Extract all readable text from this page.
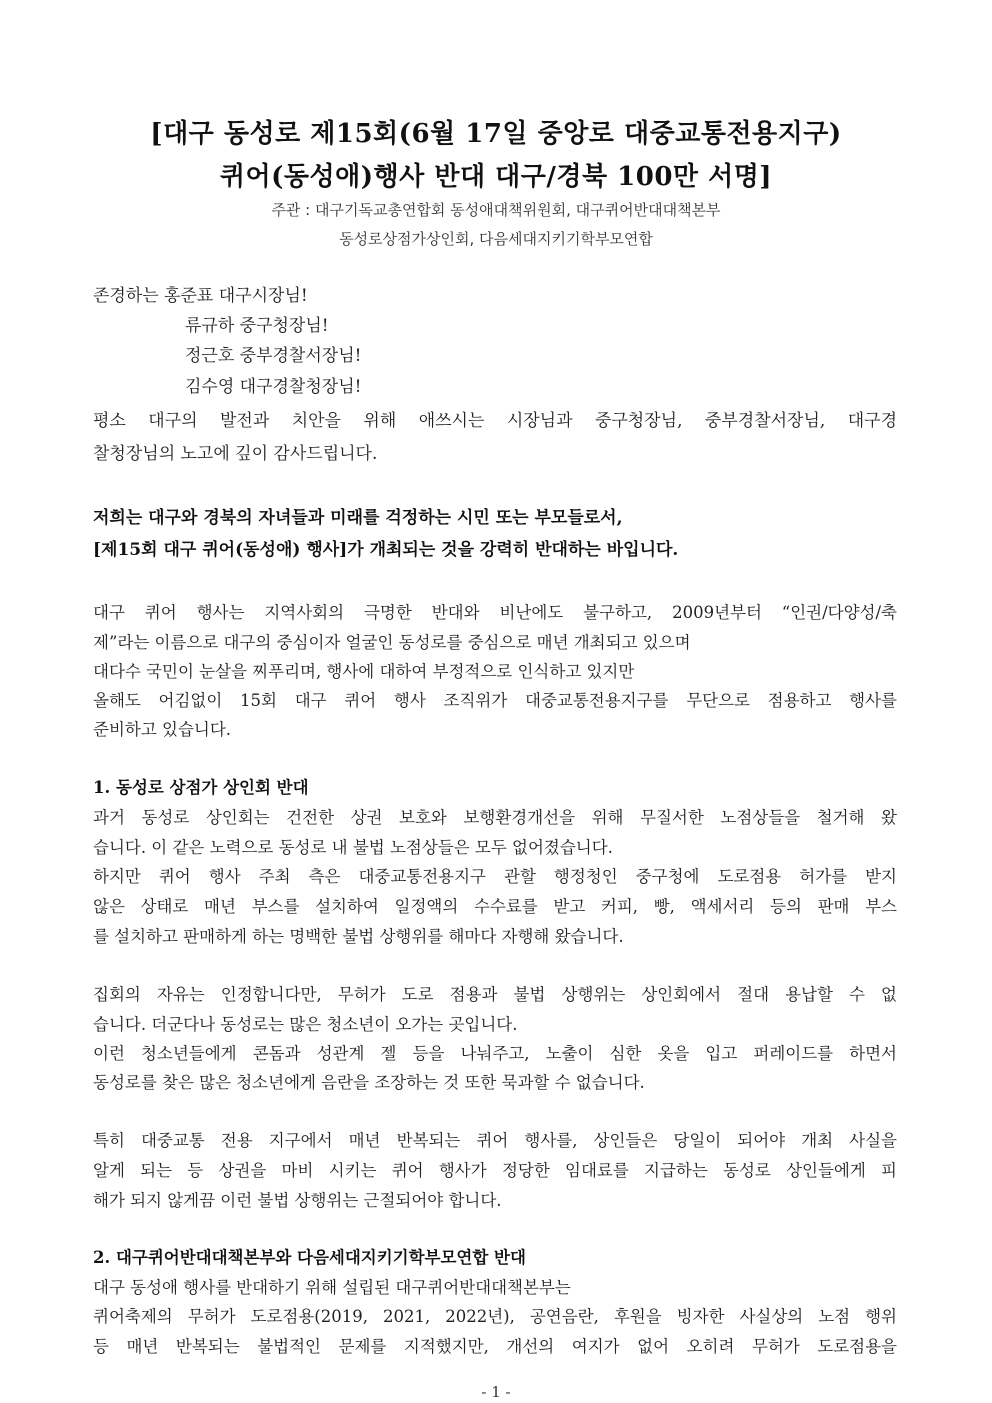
[대구 동성로 제15회(6월 17일 중앙로 대중교통전용지구)
퀴어(동성애)행사 반대 대구/경북 100만 서명]
주관 : 대구기독교총연합회 동성애대책위원회, 대구퀴어반대대책본부
동성로상점가상인회, 다음세대지키기학부모연합
존경하는 홍준표 대구시장님!
류규하 중구청장님!
정근호 중부경찰서장님!
김수영 대구경찰청장님!
평소 대구의 발전과 치안을 위해 애쓰시는 시장님과 중구청장님, 중부경찰서장님, 대구경
찰청장님의 노고에 깊이 감사드립니다.
저희는 대구와 경북의 자녀들과 미래를 걱정하는 시민 또는 부모들로서,
[제15회 대구 퀴어(동성애) 행사]가 개최되는 것을 강력히 반대하는 바입니다.
대구 퀴어 행사는 지역사회의 극명한 반대와 비난에도 불구하고, 2009년부터 “인권/다양성/축
제”라는 이름으로 대구의 중심이자 얼굴인 동성로를 중심으로 매년 개최되고 있으며
대다수 국민이 눈살을 찌푸리며, 행사에 대하여 부정적으로 인식하고 있지만
올해도 어김없이 15회 대구 퀴어 행사 조직위가 대중교통전용지구를 무단으로 점용하고 행사를
준비하고 있습니다.
1. 동성로 상점가 상인회 반대
과거 동성로 상인회는 건전한 상권 보호와 보행환경개선을 위해 무질서한 노점상들을 철거해 왔
습니다. 이 같은 노력으로 동성로 내 불법 노점상들은 모두 없어졌습니다.
하지만 퀴어 행사 주최 측은 대중교통전용지구 관할 행정청인 중구청에 도로점용 허가를 받지
않은 상태로 매년 부스를 설치하여 일정액의 수수료를 받고 커피, 빵, 액세서리 등의 판매 부스
를 설치하고 판매하게 하는 명백한 불법 상행위를 해마다 자행해 왔습니다.
집회의 자유는 인정합니다만, 무허가 도로 점용과 불법 상행위는 상인회에서 절대 용납할 수 없
습니다. 더군다나 동성로는 많은 청소년이 오가는 곳입니다.
이런 청소년들에게 콘돔과 성관계 젤 등을 나눠주고, 노출이 심한 옷을 입고 퍼레이드를 하면서
동성로를 찾은 많은 청소년에게 음란을 조장하는 것 또한 묵과할 수 없습니다.
특히 대중교통 전용 지구에서 매년 반복되는 퀴어 행사를, 상인들은 당일이 되어야 개최 사실을
알게 되는 등 상권을 마비 시키는 퀴어 행사가 정당한 임대료를 지급하는 동성로 상인들에게 피
해가 되지 않게끔 이런 불법 상행위는 근절되어야 합니다.
2. 대구퀴어반대대책본부와 다음세대지키기학부모연합 반대
대구 동성애 행사를 반대하기 위해 설립된 대구퀴어반대대책본부는
퀴어축제의 무허가 도로점용(2019, 2021, 2022년), 공연음란, 후원을 빙자한 사실상의 노점 행위
등 매년 반복되는 불법적인 문제를 지적했지만, 개선의 여지가 없어 오히려 무허가 도로점용을
- 1 -
